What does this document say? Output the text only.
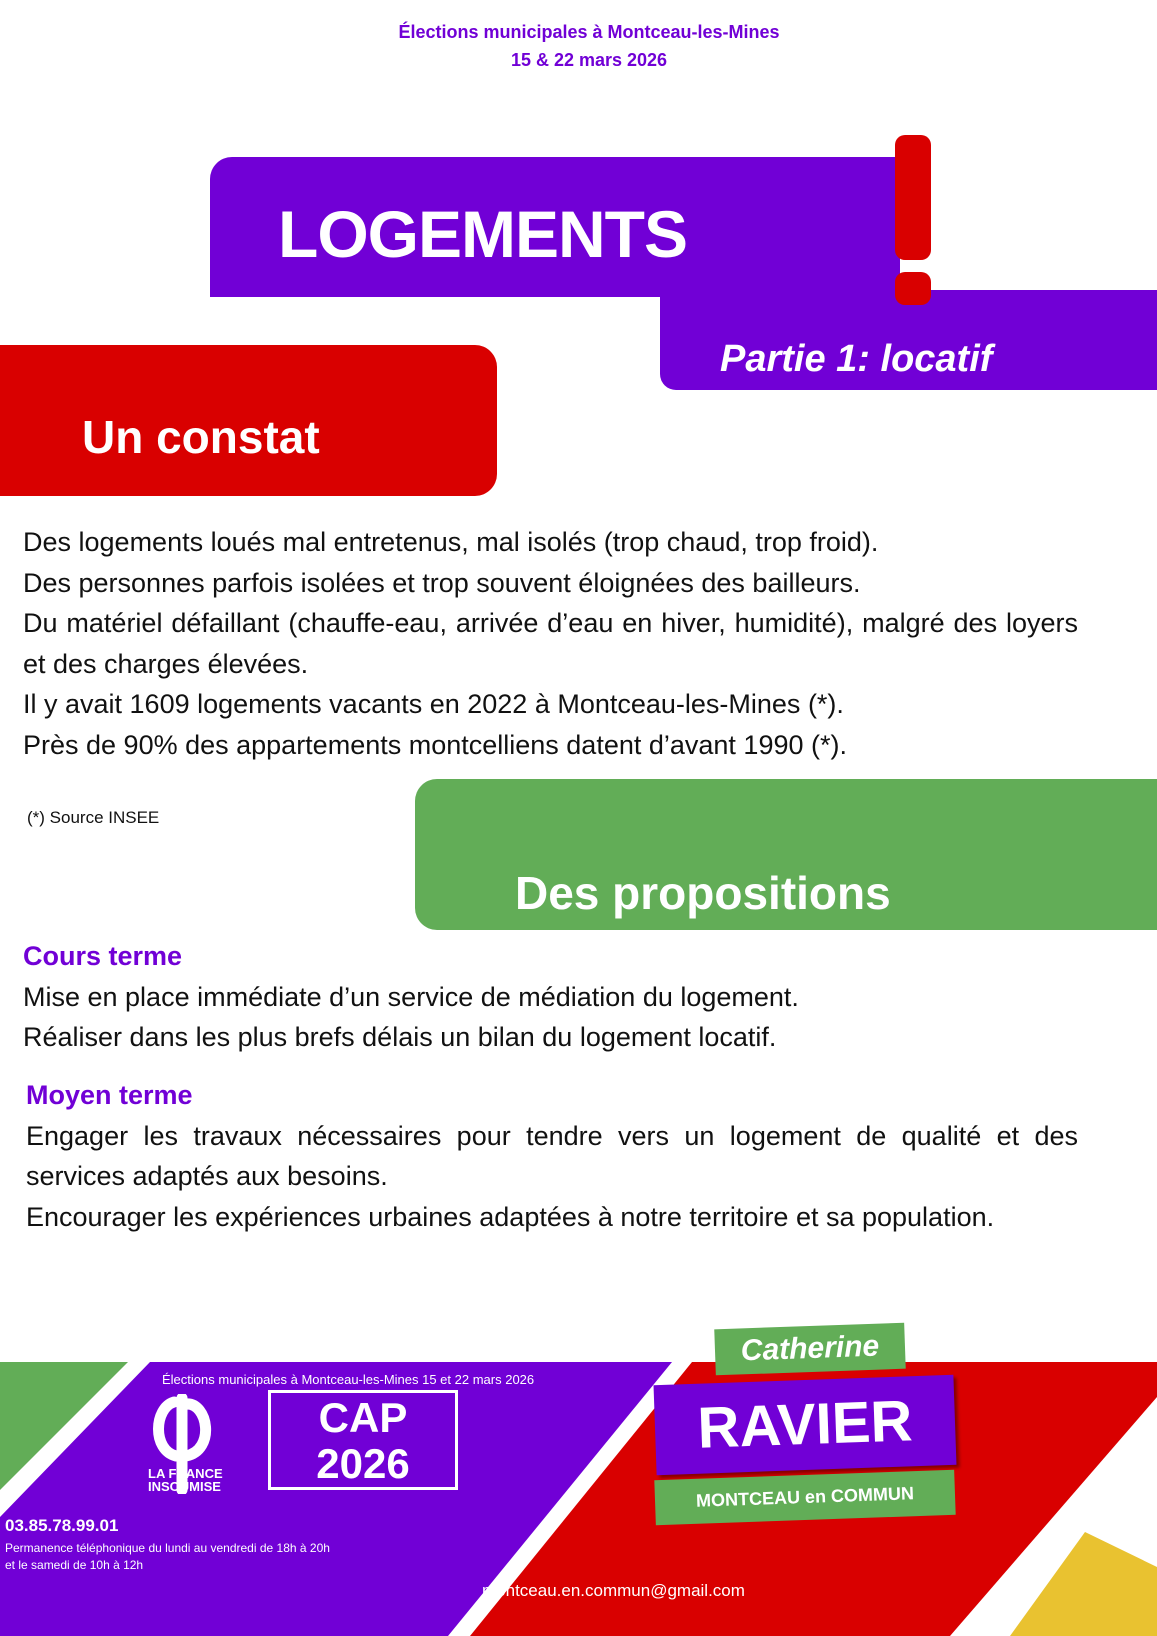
Élections municipales à Montceau-les-Mines
15 & 22 mars 2026
LOGEMENTS
Partie 1: locatif
Un constat

Des logements loués mal entretenus, mal isolés (trop chaud, trop froid).

Des personnes parfois isolées et trop souvent éloignées des bailleurs.

Du matériel défaillant (chauffe-eau, arrivée d’eau en hiver, humidité), malgré des loyers et des charges élevées.

Il y avait 1609 logements vacants en 2022 à Montceau-les-Mines (*).

Près de 90% des appartements montcelliens datent d’avant 1990 (*).

(*) Source INSEE
Des propositions

Cours terme

Mise en place immédiate d’un service de médiation du logement.

Réaliser dans les plus brefs délais un bilan du logement locatif.

Moyen terme

Engager les travaux nécessaires pour tendre vers un logement de qualité et des services adaptés aux besoins.

Encourager les expériences urbaines adaptées à notre territoire et sa population.

Élections municipales à Montceau-les-Mines 15 et 22 mars 2026
LA FRANCE INSOUMISE
CAP
2026
03.85.78.99.01
Permanence téléphonique du lundi au vendredi de 18h à 20h
et le samedi de 10h à 12h
Catherine
RAVIER
MONTCEAU en COMMUN
montceau.en.commun@gmail.com
